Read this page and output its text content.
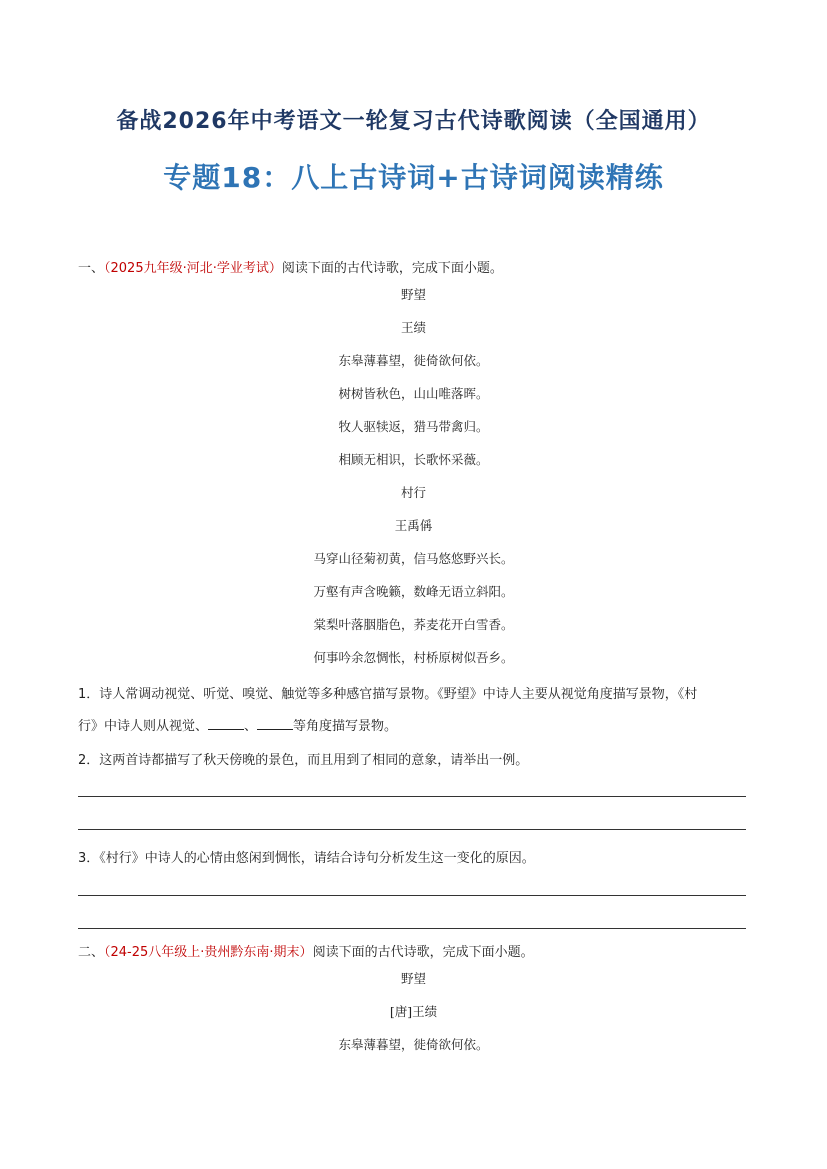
备战2026年中考语文一轮复习古代诗歌阅读（全国通用）
专题18：八上古诗词+古诗词阅读精练
一、（2025九年级·河北·学业考试）阅读下面的古代诗歌，完成下面小题。
野望
王绩
东皋薄暮望，徙倚欲何依。
树树皆秋色，山山唯落晖。
牧人驱犊返，猎马带禽归。
相顾无相识，长歌怀采薇。
村行
王禹偁
马穿山径菊初黄，信马悠悠野兴长。
万壑有声含晚籁，数峰无语立斜阳。
棠梨叶落胭脂色，荞麦花开白雪香。
何事吟余忽惆怅，村桥原树似吾乡。
1．诗人常调动视觉、听觉、嗅觉、触觉等多种感官描写景物。《野望》中诗人主要从视觉角度描写景物，《村
行》中诗人则从视觉、	、	等角度描写景物。
2．这两首诗都描写了秋天傍晚的景色，而且用到了相同的意象，请举出一例。
3．《村行》中诗人的心情由悠闲到惆怅，请结合诗句分析发生这一变化的原因。
二、（24-25八年级上·贵州黔东南·期末）阅读下面的古代诗歌，完成下面小题。
野望
[唐]王绩
东皋薄暮望，徙倚欲何依。
